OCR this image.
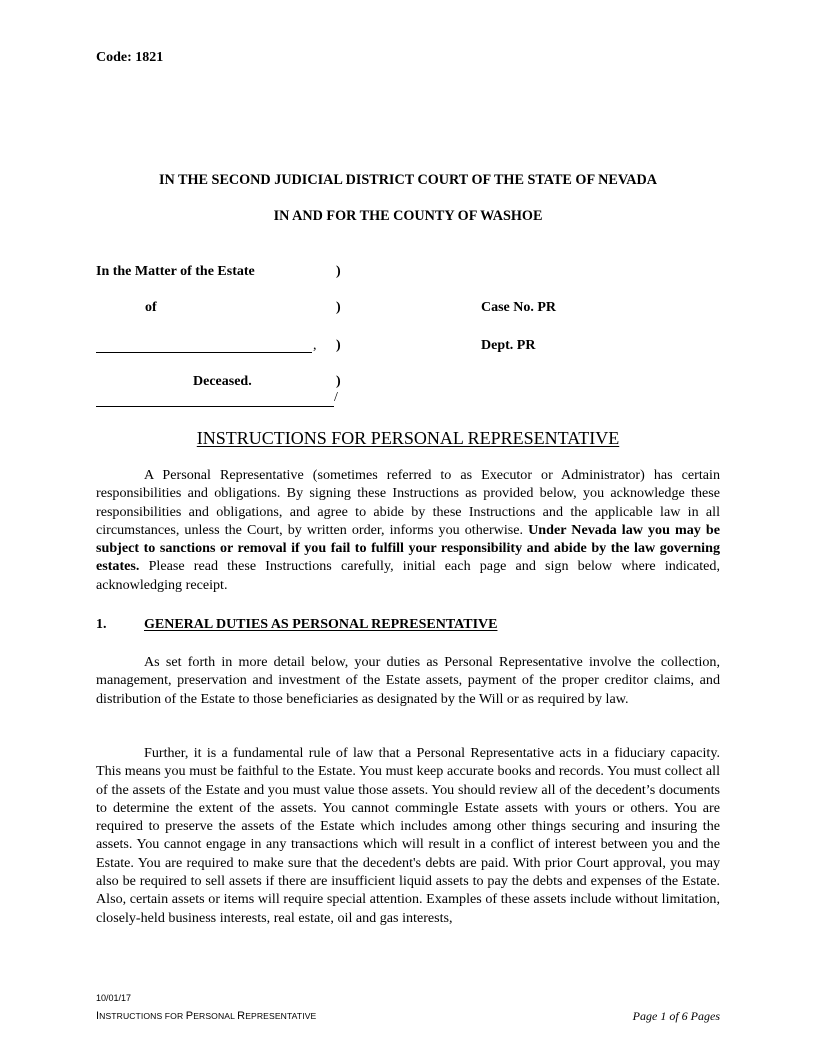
Code: 1821
IN THE SECOND JUDICIAL DISTRICT COURT OF THE STATE OF NEVADA
IN AND FOR THE COUNTY OF WASHOE
In the Matter of the Estate
of
,
Deceased.
/
)
)
)
)
Case No. PR
Dept. PR
INSTRUCTIONS FOR PERSONAL REPRESENTATIVE
A Personal Representative (sometimes referred to as Executor or Administrator) has certain responsibilities and obligations. By signing these Instructions as provided below, you acknowledge these responsibilities and obligations, and agree to abide by these Instructions and the applicable law in all circumstances, unless the Court, by written order, informs you otherwise. Under Nevada law you may be subject to sanctions or removal if you fail to fulfill your responsibility and abide by the law governing estates. Please read these Instructions carefully, initial each page and sign below where indicated, acknowledging receipt.
1.	GENERAL DUTIES AS PERSONAL REPRESENTATIVE
As set forth in more detail below, your duties as Personal Representative involve the collection, management, preservation and investment of the Estate assets, payment of the proper creditor claims, and distribution of the Estate to those beneficiaries as designated by the Will or as required by law.
Further, it is a fundamental rule of law that a Personal Representative acts in a fiduciary capacity. This means you must be faithful to the Estate. You must keep accurate books and records. You must collect all of the assets of the Estate and you must value those assets. You should review all of the decedent’s documents to determine the extent of the assets. You cannot commingle Estate assets with yours or others. You are required to preserve the assets of the Estate which includes among other things securing and insuring the assets. You cannot engage in any transactions which will result in a conflict of interest between you and the Estate. You are required to make sure that the decedent's debts are paid. With prior Court approval, you may also be required to sell assets if there are insufficient liquid assets to pay the debts and expenses of the Estate. Also, certain assets or items will require special attention. Examples of these assets include without limitation, closely-held business interests, real estate, oil and gas interests,
10/01/17
INSTRUCTIONS FOR PERSONAL REPRESENTATIVE	Page 1 of 6 Pages
